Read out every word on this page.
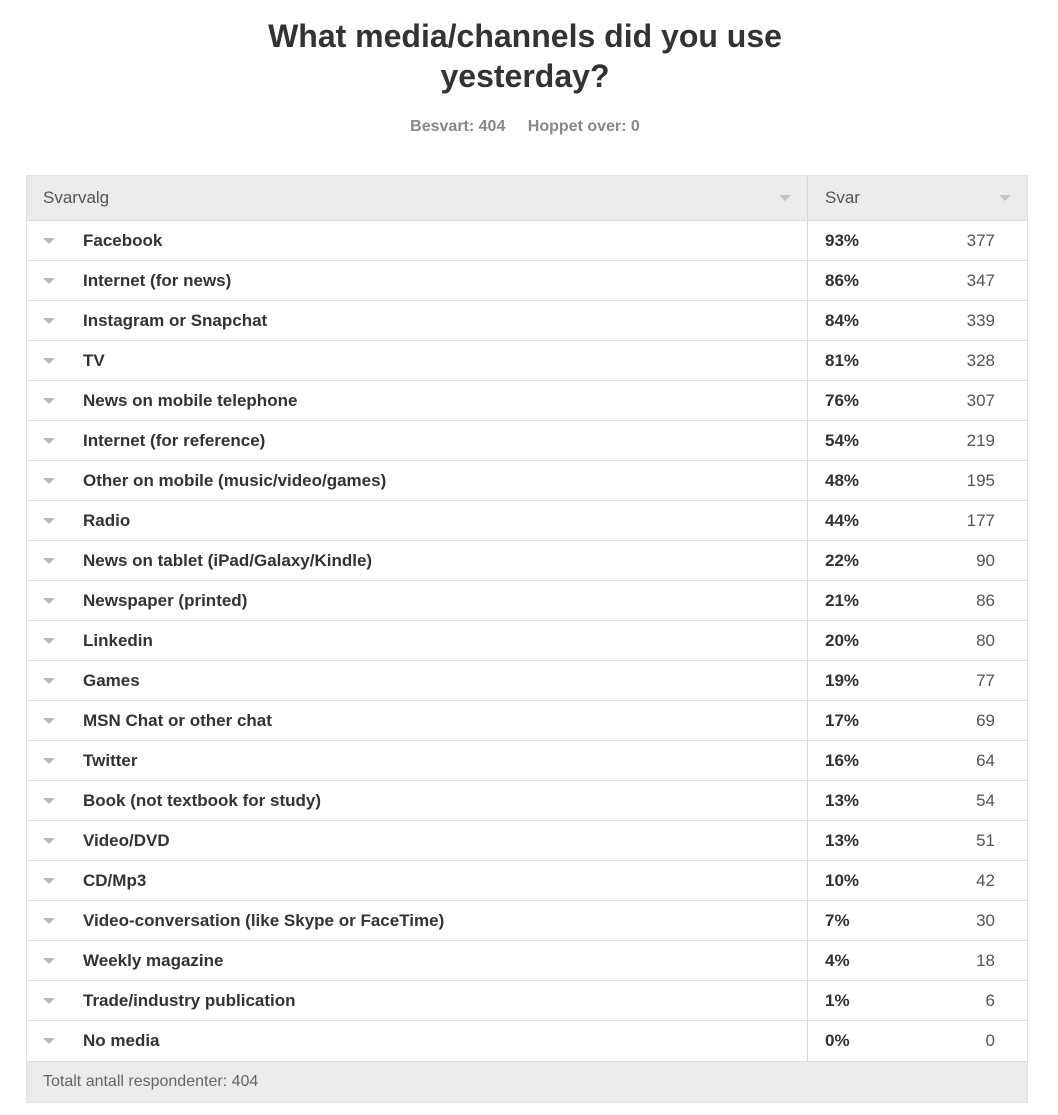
What media/channels did you use
yesterday?
Besvart: 404 Hoppet over: 0
Svarvalg	Svar
Facebook	93%	377
Internet (for news)	86%	347
Instagram or Snapchat	84%	339
TV	81%	328
News on mobile telephone	76%	307
Internet (for reference)	54%	219
Other on mobile (music/video/games)	48%	195
Radio	44%	177
News on tablet (iPad/Galaxy/Kindle)	22%	90
Newspaper (printed)	21%	86
Linkedin	20%	80
Games	19%	77
MSN Chat or other chat	17%	69
Twitter	16%	64
Book (not textbook for study)	13%	54
Video/DVD	13%	51
CD/Mp3	10%	42
Video-conversation (like Skype or FaceTime)	7%	30
Weekly magazine	4%	18
Trade/industry publication	1%	6
No media	0%	0
Totalt antall respondenter: 404
